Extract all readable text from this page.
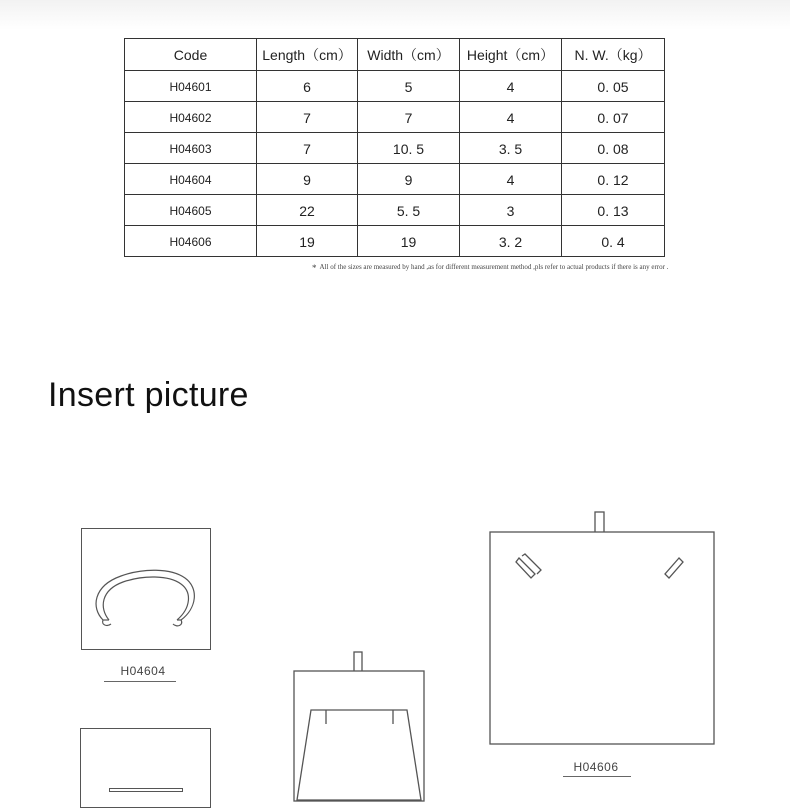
Code	Length（cm）	Width（cm）	Height（cm）	N. W.（kg）
H04601	6	5	4	0. 05
H04602	7	7	4	0. 07
H04603	7	10. 5	3. 5	0. 08
H04604	9	9	4	0. 12
H04605	22	5. 5	3	0. 13
H04606	19	19	3. 2	0. 4
* All of the sizes are measured by hand ,as for different measurement method ,pls refer to actual products if there is any error .
Insert picture
H04604
H04606
